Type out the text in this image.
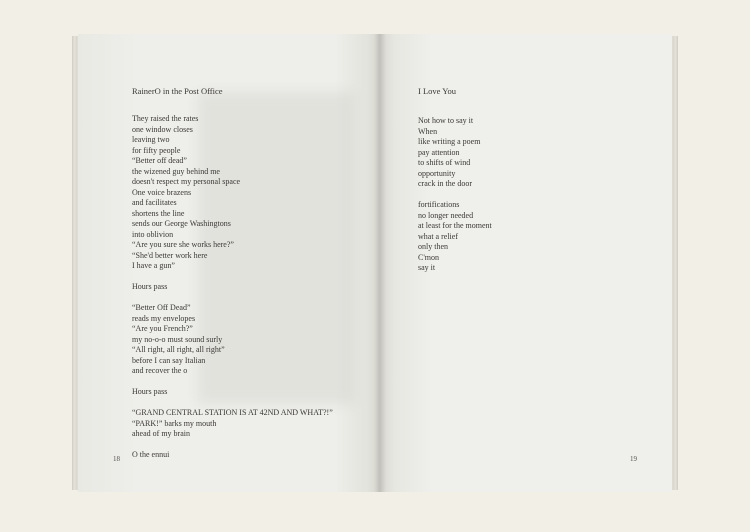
RainerO in the Post Office
They raised the rates
one window closes
leaving two
for fifty people
“Better off dead”
the wizened guy behind me
doesn't respect my personal space
One voice brazens
and facilitates
shortens the line
sends our George Washingtons
into oblivion
“Are you sure she works here?”
“She'd better work here
I have a gun”
Hours pass
“Better Off Dead”
reads my envelopes
“Are you French?”
my no-o-o must sound surly
“All right, all right, all right”
before I can say Italian
and recover the o
Hours pass
“GRAND CENTRAL STATION IS AT 42ND AND WHAT?!”
“PARK!” barks my mouth
ahead of my brain
O the ennui
18
I Love You
Not how to say it
When
like writing a poem
pay attention
to shifts of wind
opportunity
crack in the door
fortifications
no longer needed
at least for the moment
what a relief
only then
C'mon
say it
19
